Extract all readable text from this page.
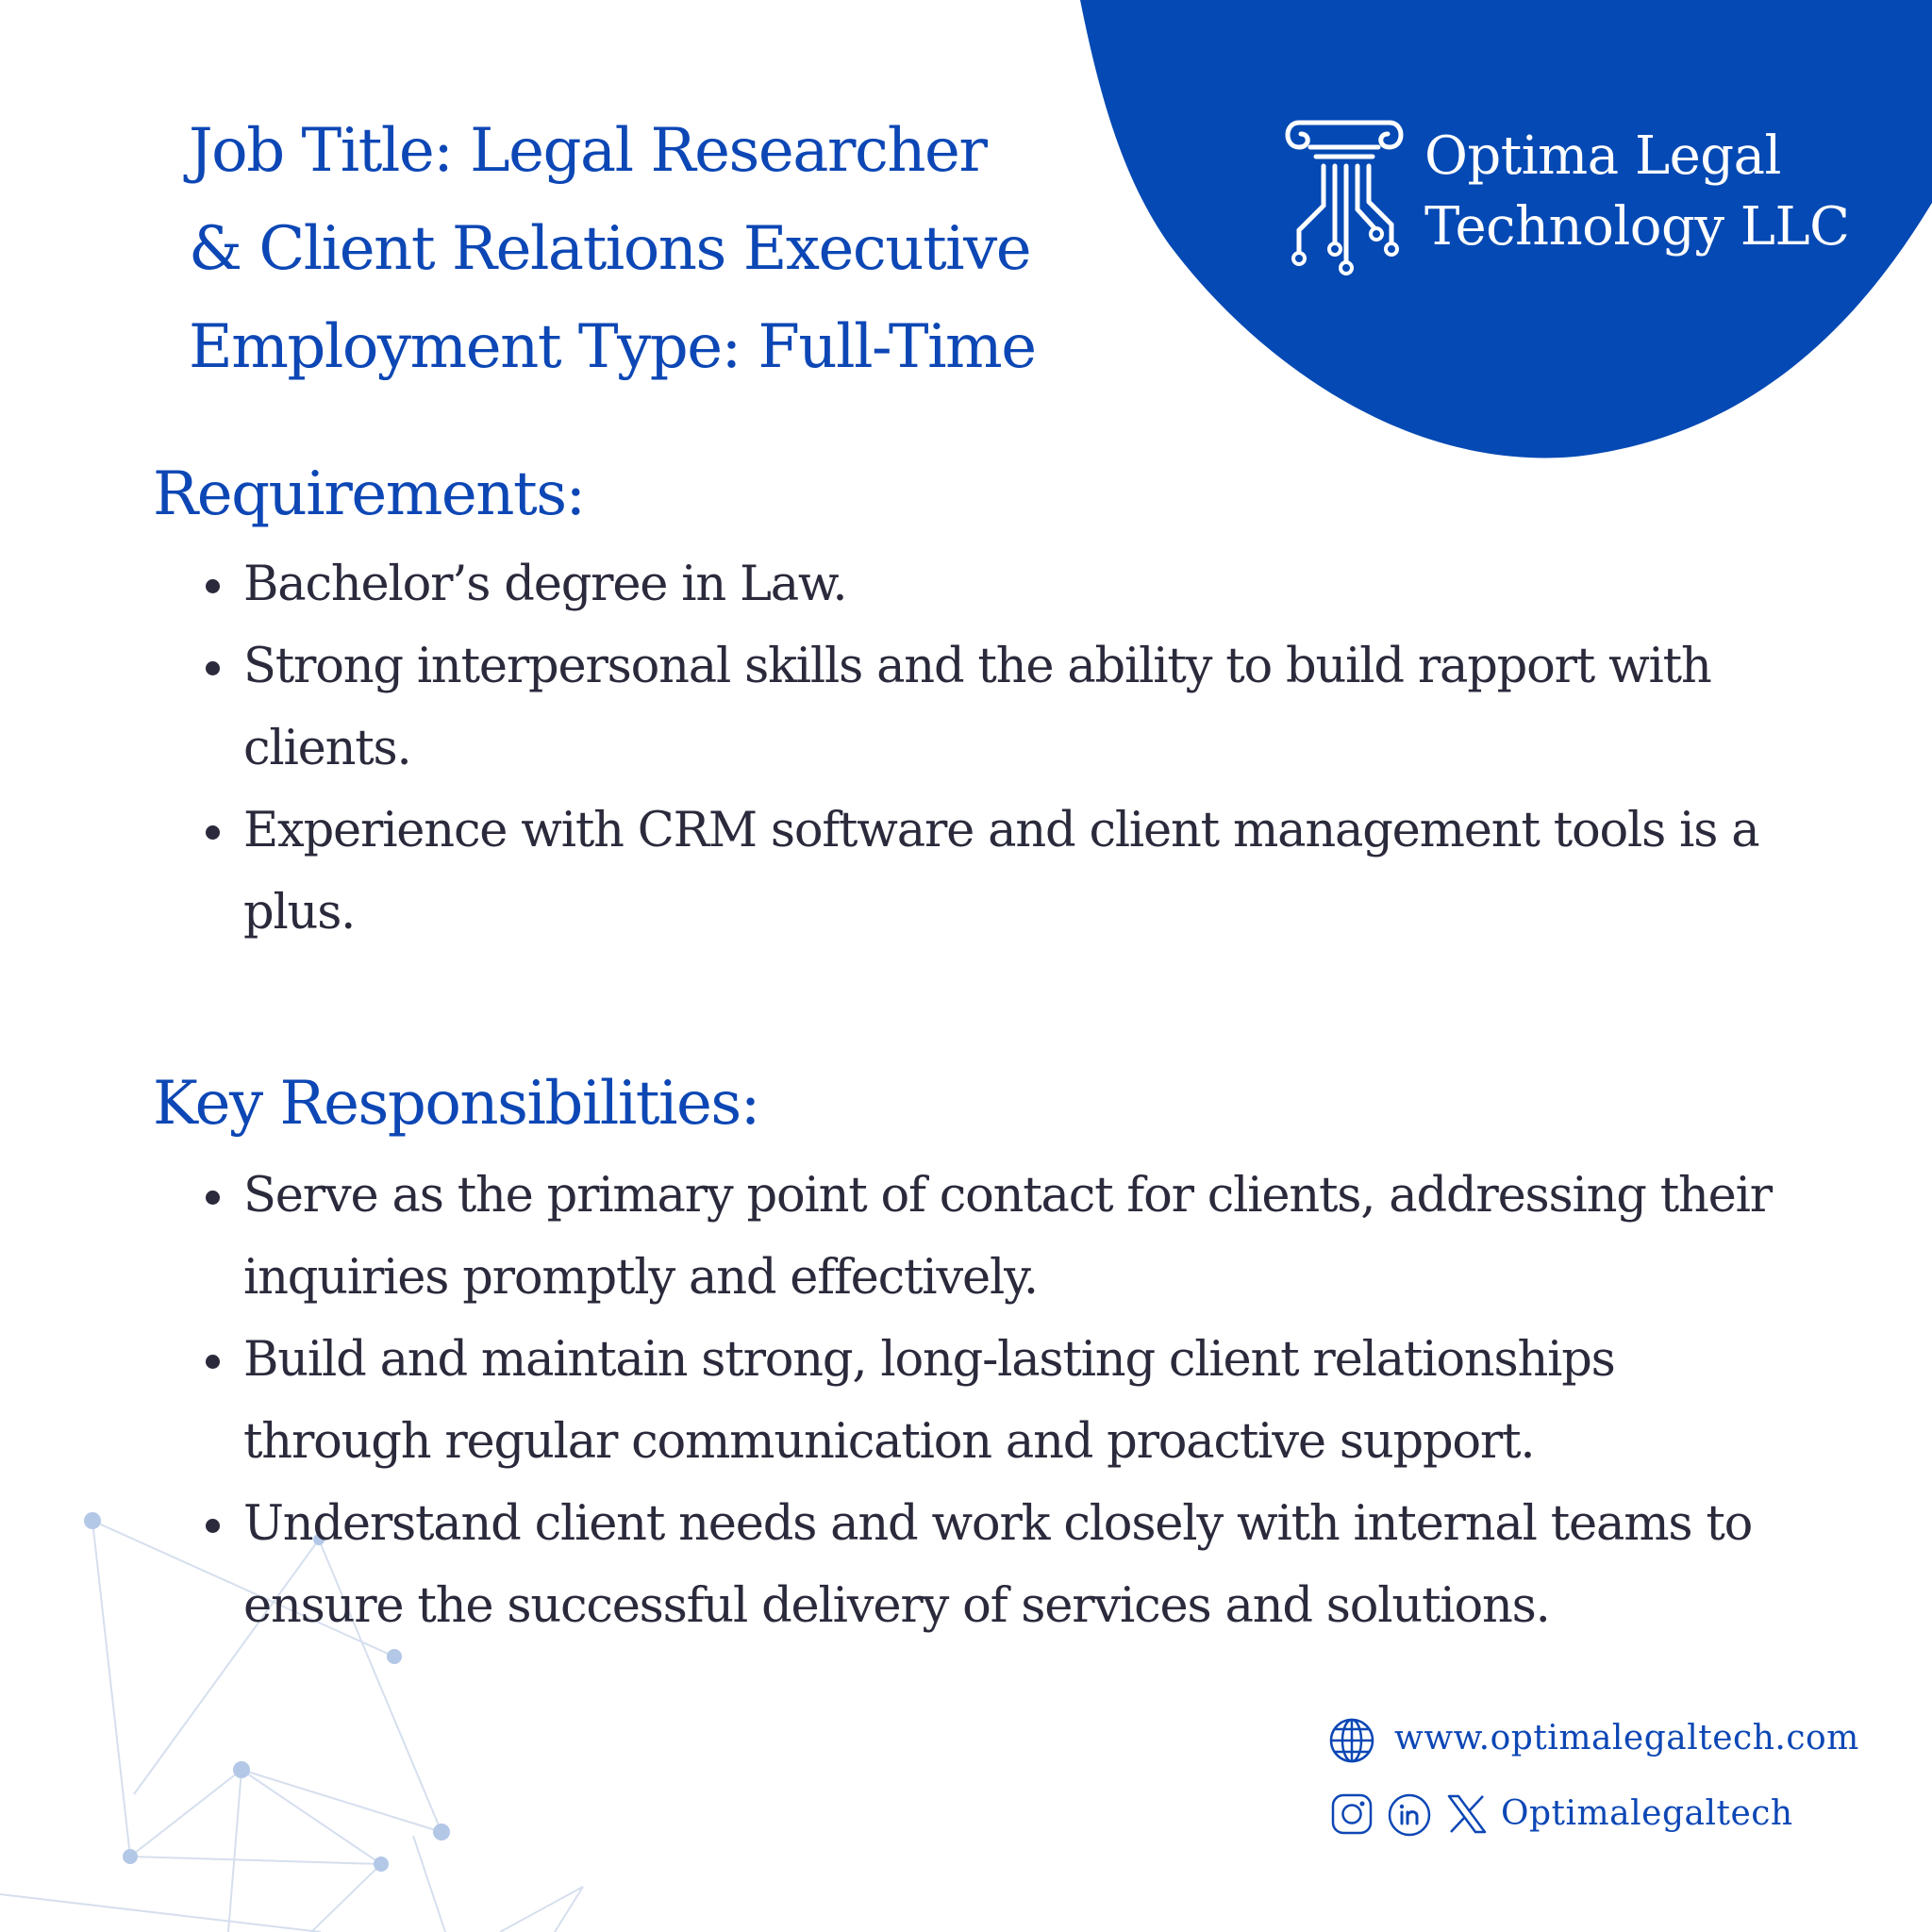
Optima Legal
Technology LLC
Job Title: Legal Researcher
& Client Relations Executive
Employment Type: Full-Time
Requirements:
Bachelor’s degree in Law.
Strong interpersonal skills and the ability to build rapport with
clients.
Experience with CRM software and client management tools is a
plus.
Key Responsibilities:
Serve as the primary point of contact for clients, addressing their
inquiries promptly and effectively.
Build and maintain strong, long-lasting client relationships
through regular communication and proactive support.
Understand client needs and work closely with internal teams to
ensure the successful delivery of services and solutions.
www.optimalegaltech.com
Optimalegaltech
